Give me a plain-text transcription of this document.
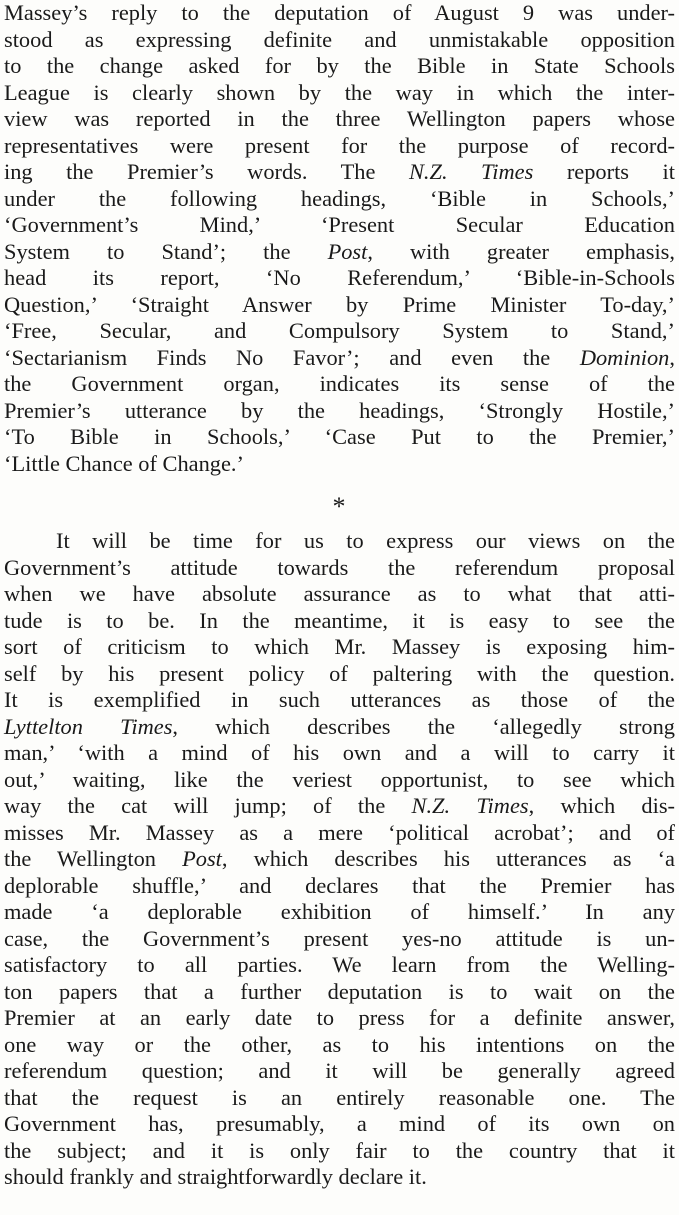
Massey’s reply to the deputation of August 9 was under-
stood as expressing definite and unmistakable opposition
to the change asked for by the Bible in State Schools
League is clearly shown by the way in which the inter-
view was reported in the three Wellington papers whose
representatives were present for the purpose of record-
ing the Premier’s words. The N.Z. Times reports it
under the following headings, ‘Bible in Schools,’
‘Government’s Mind,’ ‘Present Secular Education
System to Stand’; the Post, with greater emphasis,
head its report, ‘No Referendum,’ ‘Bible-in-Schools
Question,’ ‘Straight Answer by Prime Minister To-day,’
‘Free, Secular, and Compulsory System to Stand,’
‘Sectarianism Finds No Favor’; and even the Dominion,
the Government organ, indicates its sense of the
Premier’s utterance by the headings, ‘Strongly Hostile,’
‘To Bible in Schools,’ ‘Case Put to the Premier,’
‘Little Chance of Change.’
*
It will be time for us to express our views on the
Government’s attitude towards the referendum proposal
when we have absolute assurance as to what that atti-
tude is to be. In the meantime, it is easy to see the
sort of criticism to which Mr. Massey is exposing him-
self by his present policy of paltering with the question.
It is exemplified in such utterances as those of the
Lyttelton Times, which describes the ‘allegedly strong
man,’ ‘with a mind of his own and a will to carry it
out,’ waiting, like the veriest opportunist, to see which
way the cat will jump; of the N.Z. Times, which dis-
misses Mr. Massey as a mere ‘political acrobat’; and of
the Wellington Post, which describes his utterances as ‘a
deplorable shuffle,’ and declares that the Premier has
made ‘a deplorable exhibition of himself.’ In any
case, the Government’s present yes-no attitude is un-
satisfactory to all parties. We learn from the Welling-
ton papers that a further deputation is to wait on the
Premier at an early date to press for a definite answer,
one way or the other, as to his intentions on the
referendum question; and it will be generally agreed
that the request is an entirely reasonable one. The
Government has, presumably, a mind of its own on
the subject; and it is only fair to the country that it
should frankly and straightforwardly declare it.
